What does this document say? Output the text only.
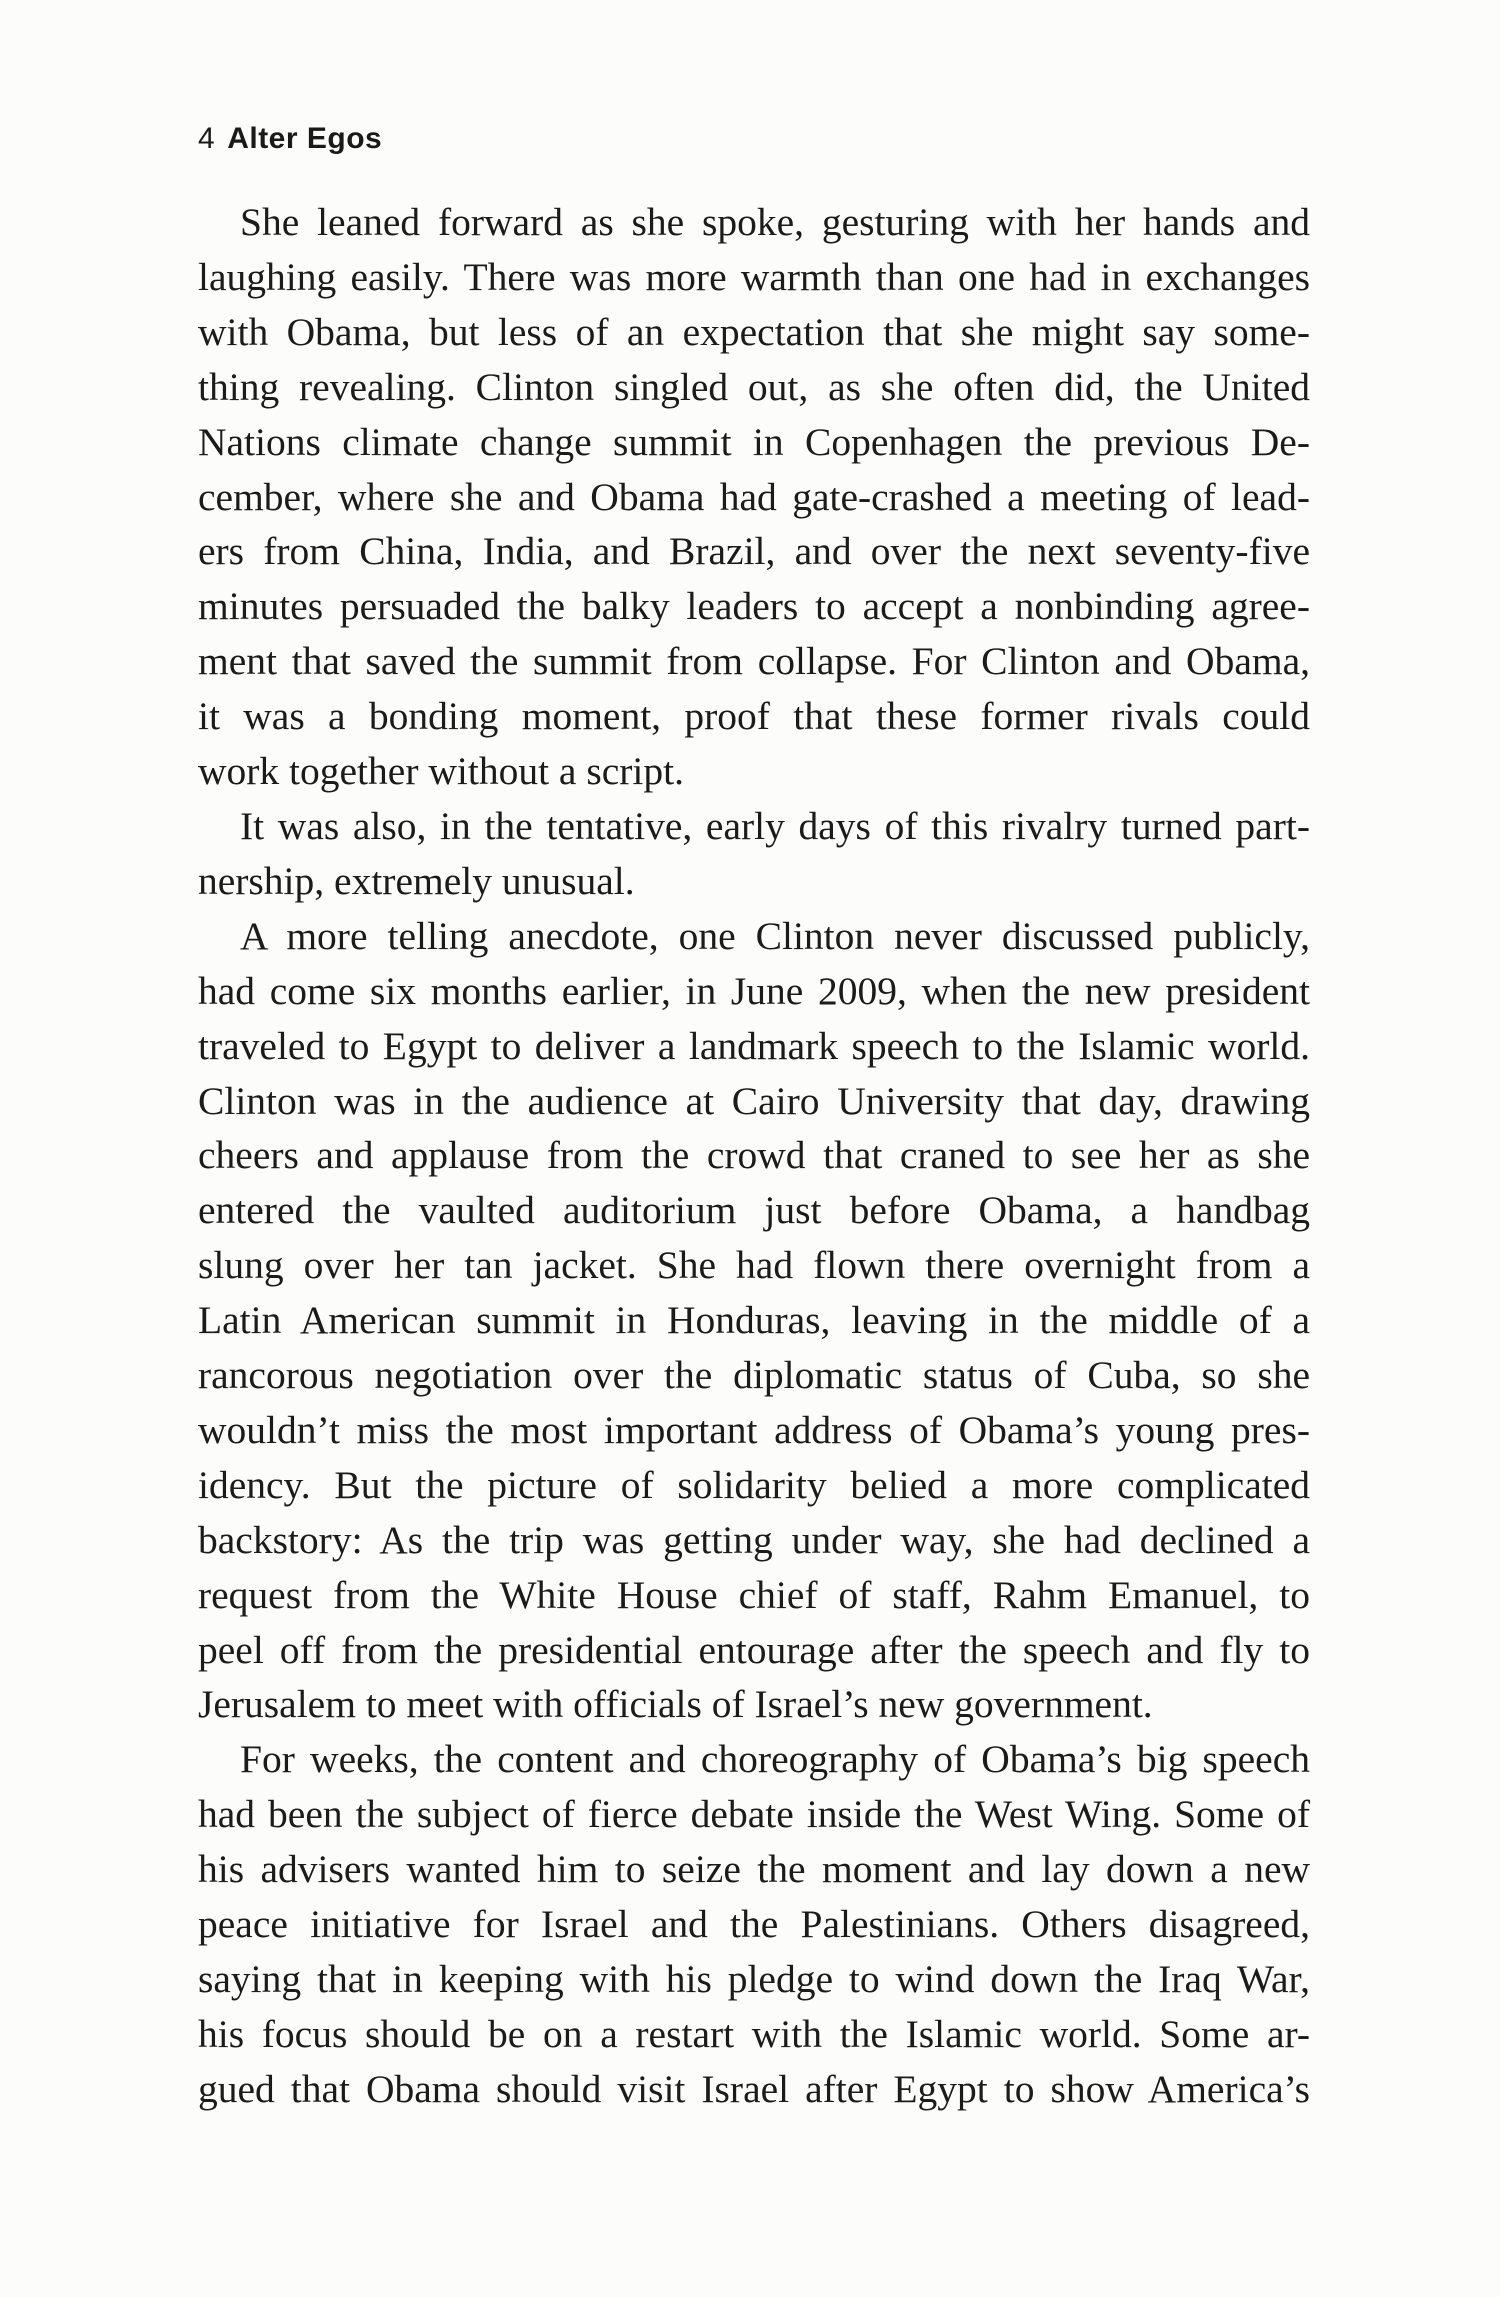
4 Alter Egos

She leaned forward as she spoke, gesturing with her hands and
laughing easily. There was more warmth than one had in exchanges
with Obama, but less of an expectation that she might say some-
thing revealing. Clinton singled out, as she often did, the United
Nations climate change summit in Copenhagen the previous De-
cember, where she and Obama had gate-crashed a meeting of lead-
ers from China, India, and Brazil, and over the next seventy-five
minutes persuaded the balky leaders to accept a nonbinding agree-
ment that saved the summit from collapse. For Clinton and Obama,
it was a bonding moment, proof that these former rivals could
work together without a script.

It was also, in the tentative, early days of this rivalry turned part-
nership, extremely unusual.

A more telling anecdote, one Clinton never discussed publicly,
had come six months earlier, in June 2009, when the new president
traveled to Egypt to deliver a landmark speech to the Islamic world.
Clinton was in the audience at Cairo University that day, drawing
cheers and applause from the crowd that craned to see her as she
entered the vaulted auditorium just before Obama, a handbag
slung over her tan jacket. She had flown there overnight from a
Latin American summit in Honduras, leaving in the middle of a
rancorous negotiation over the diplomatic status of Cuba, so she
wouldn’t miss the most important address of Obama’s young pres-
idency. But the picture of solidarity belied a more complicated
backstory: As the trip was getting under way, she had declined a
request from the White House chief of staff, Rahm Emanuel, to
peel off from the presidential entourage after the speech and fly to
Jerusalem to meet with officials of Israel’s new government.

For weeks, the content and choreography of Obama’s big speech
had been the subject of fierce debate inside the West Wing. Some of
his advisers wanted him to seize the moment and lay down a new
peace initiative for Israel and the Palestinians. Others disagreed,
saying that in keeping with his pledge to wind down the Iraq War,
his focus should be on a restart with the Islamic world. Some ar-
gued that Obama should visit Israel after Egypt to show America’s
